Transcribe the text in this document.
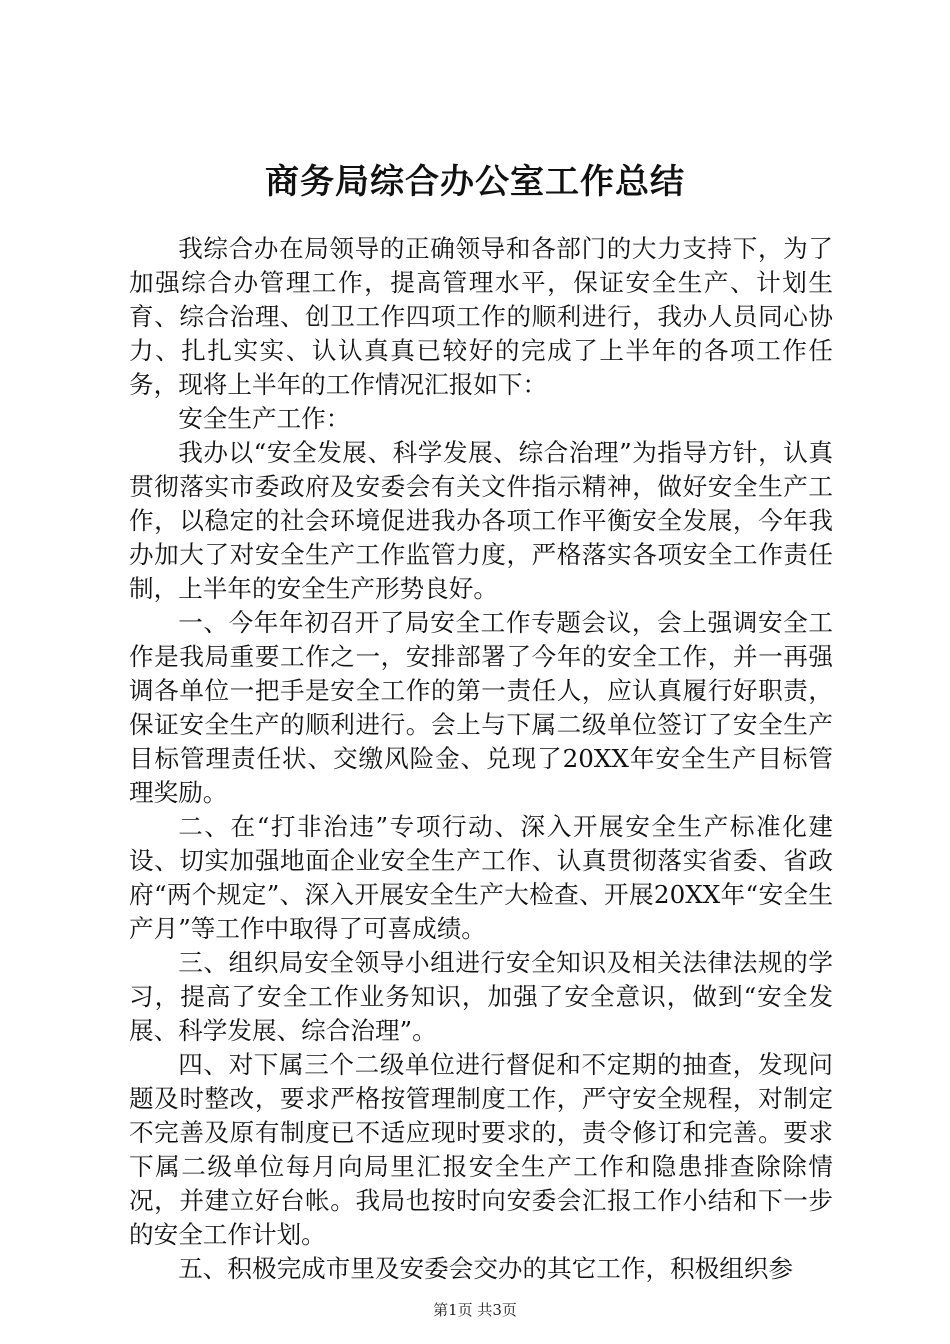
商务局综合办公室工作总结

我综合办在局领导的正确领导和各部门的大力支持下，为了加强综合办管理工作，提高管理水平，保证安全生产、计划生育、综合治理、创卫工作四项工作的顺利进行，我办人员同心协力、扎扎实实、认认真真已较好的完成了上半年的各项工作任务，现将上半年的工作情况汇报如下：

安全生产工作：

我办以“安全发展、科学发展、综合治理”为指导方针，认真贯彻落实市委政府及安委会有关文件指示精神，做好安全生产工作，以稳定的社会环境促进我办各项工作平衡安全发展，今年我办加大了对安全生产工作监管力度，严格落实各项安全工作责任制，上半年的安全生产形势良好。

一、今年年初召开了局安全工作专题会议，会上强调安全工作是我局重要工作之一，安排部署了今年的安全工作，并一再强调各单位一把手是安全工作的第一责任人，应认真履行好职责，保证安全生产的顺利进行。会上与下属二级单位签订了安全生产目标管理责任状、交缴风险金、兑现了20XX年安全生产目标管理奖励。

二、在“打非治违”专项行动、深入开展安全生产标准化建设、切实加强地面企业安全生产工作、认真贯彻落实省委、省政府“两个规定”、深入开展安全生产大检查、开展20XX年“安全生产月”等工作中取得了可喜成绩。

三、组织局安全领导小组进行安全知识及相关法律法规的学习，提高了安全工作业务知识，加强了安全意识，做到“安全发展、科学发展、综合治理”。

四、对下属三个二级单位进行督促和不定期的抽查，发现问题及时整改，要求严格按管理制度工作，严守安全规程，对制定不完善及原有制度已不适应现时要求的，责令修订和完善。要求下属二级单位每月向局里汇报安全生产工作和隐患排查除除情况，并建立好台帐。我局也按时向安委会汇报工作小结和下一步的安全工作计划。

五、积极完成市里及安委会交办的其它工作，积极组织参

第1页 共3页
